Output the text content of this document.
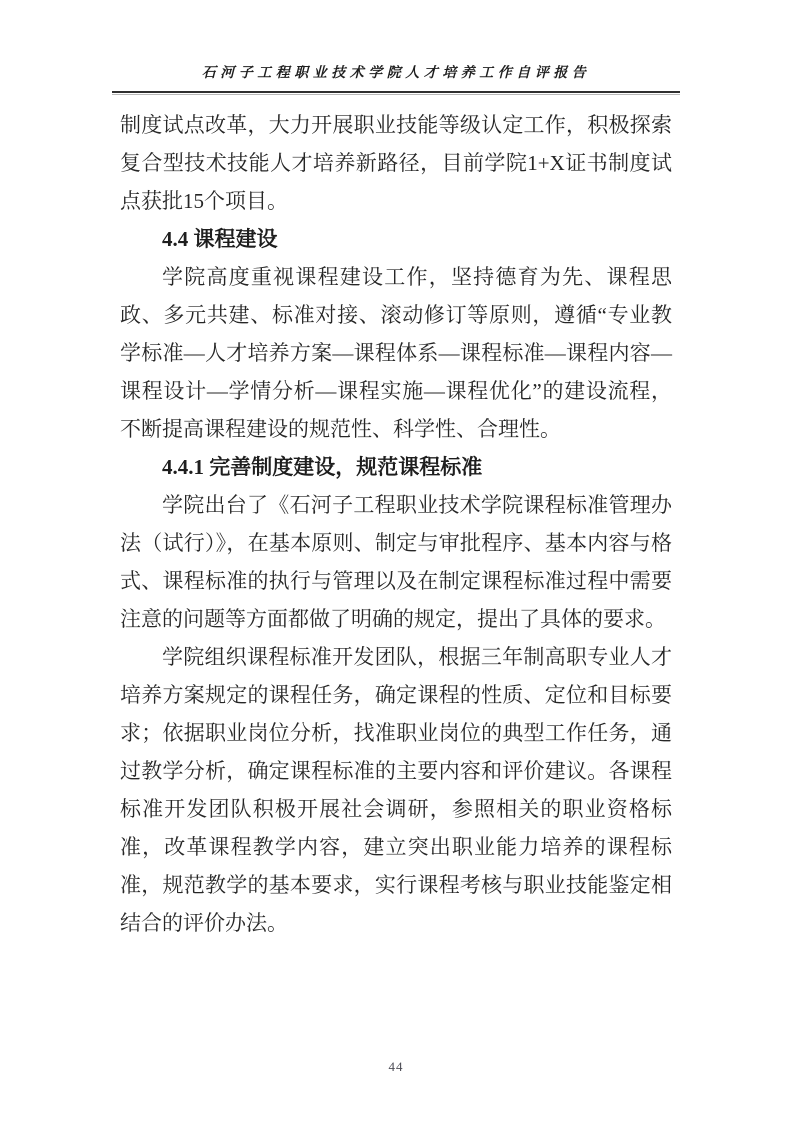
石河子工程职业技术学院人才培养工作自评报告

制度试点改革，大力开展职业技能等级认定工作，积极探索复合型技术技能人才培养新路径，目前学院1+X证书制度试点获批15个项目。

4.4 课程建设

学院高度重视课程建设工作，坚持德育为先、课程思政、多元共建、标准对接、滚动修订等原则，遵循“专业教学标准—人才培养方案—课程体系—课程标准—课程内容—课程设计—学情分析—课程实施—课程优化”的建设流程，不断提高课程建设的规范性、科学性、合理性。

4.4.1 完善制度建设，规范课程标准

学院出台了《石河子工程职业技术学院课程标准管理办法（试行）》，在基本原则、制定与审批程序、基本内容与格式、课程标准的执行与管理以及在制定课程标准过程中需要注意的问题等方面都做了明确的规定，提出了具体的要求。

学院组织课程标准开发团队，根据三年制高职专业人才培养方案规定的课程任务，确定课程的性质、定位和目标要求；依据职业岗位分析，找准职业岗位的典型工作任务，通过教学分析，确定课程标准的主要内容和评价建议。各课程标准开发团队积极开展社会调研，参照相关的职业资格标准，改革课程教学内容，建立突出职业能力培养的课程标准，规范教学的基本要求，实行课程考核与职业技能鉴定相结合的评价办法。

44
